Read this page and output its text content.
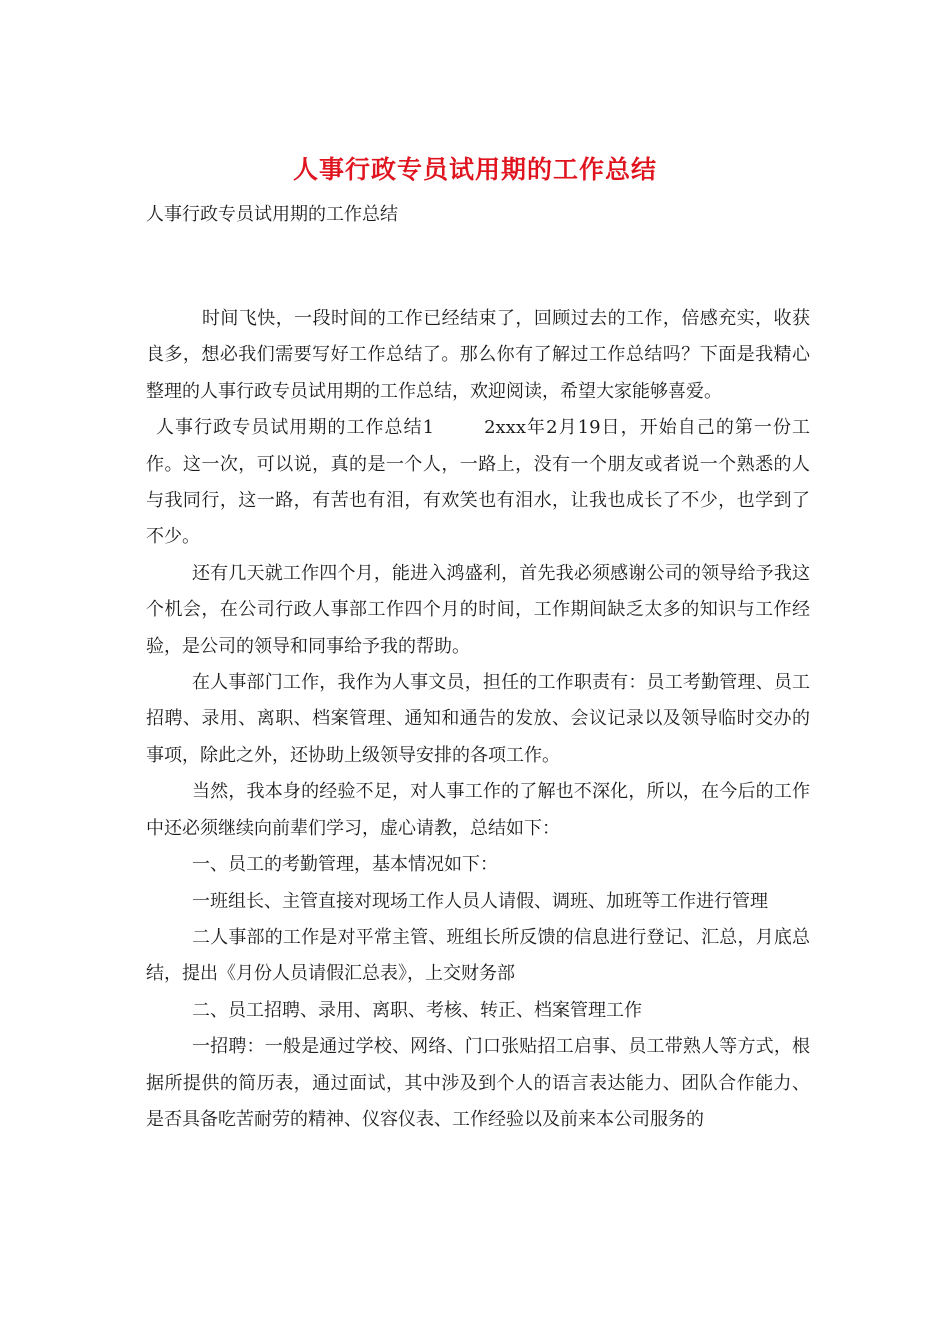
人事行政专员试用期的工作总结
人事行政专员试用期的工作总结

时间飞快，一段时间的工作已经结束了，回顾过去的工作，倍感充实，收获良多，想必我们需要写好工作总结了。那么你有了解过工作总结吗？下面是我精心整理的人事行政专员试用期的工作总结，欢迎阅读，希望大家能够喜爱。

人事行政专员试用期的工作总结1	2xxx年2月19日，开始自己的第一份工作。这一次，可以说，真的是一个人，一路上，没有一个朋友或者说一个熟悉的人与我同行，这一路，有苦也有泪，有欢笑也有泪水，让我也成长了不少，也学到了不少。

还有几天就工作四个月，能进入鸿盛利，首先我必须感谢公司的领导给予我这个机会，在公司行政人事部工作四个月的时间，工作期间缺乏太多的知识与工作经验，是公司的领导和同事给予我的帮助。

在人事部门工作，我作为人事文员，担任的工作职责有：员工考勤管理、员工招聘、录用、离职、档案管理、通知和通告的发放、会议记录以及领导临时交办的事项，除此之外，还协助上级领导安排的各项工作。

当然，我本身的经验不足，对人事工作的了解也不深化，所以，在今后的工作中还必须继续向前辈们学习，虚心请教，总结如下：

一、员工的考勤管理，基本情况如下：

一班组长、主管直接对现场工作人员人请假、调班、加班等工作进行管理

二人事部的工作是对平常主管、班组长所反馈的信息进行登记、汇总，月底总结，提出《月份人员请假汇总表》，上交财务部

二、员工招聘、录用、离职、考核、转正、档案管理工作

一招聘：一般是通过学校、网络、门口张贴招工启事、员工带熟人等方式，根据所提供的简历表，通过面试，其中涉及到个人的语言表达能力、团队合作能力、是否具备吃苦耐劳的精神、仪容仪表、工作经验以及前来本公司服务的
